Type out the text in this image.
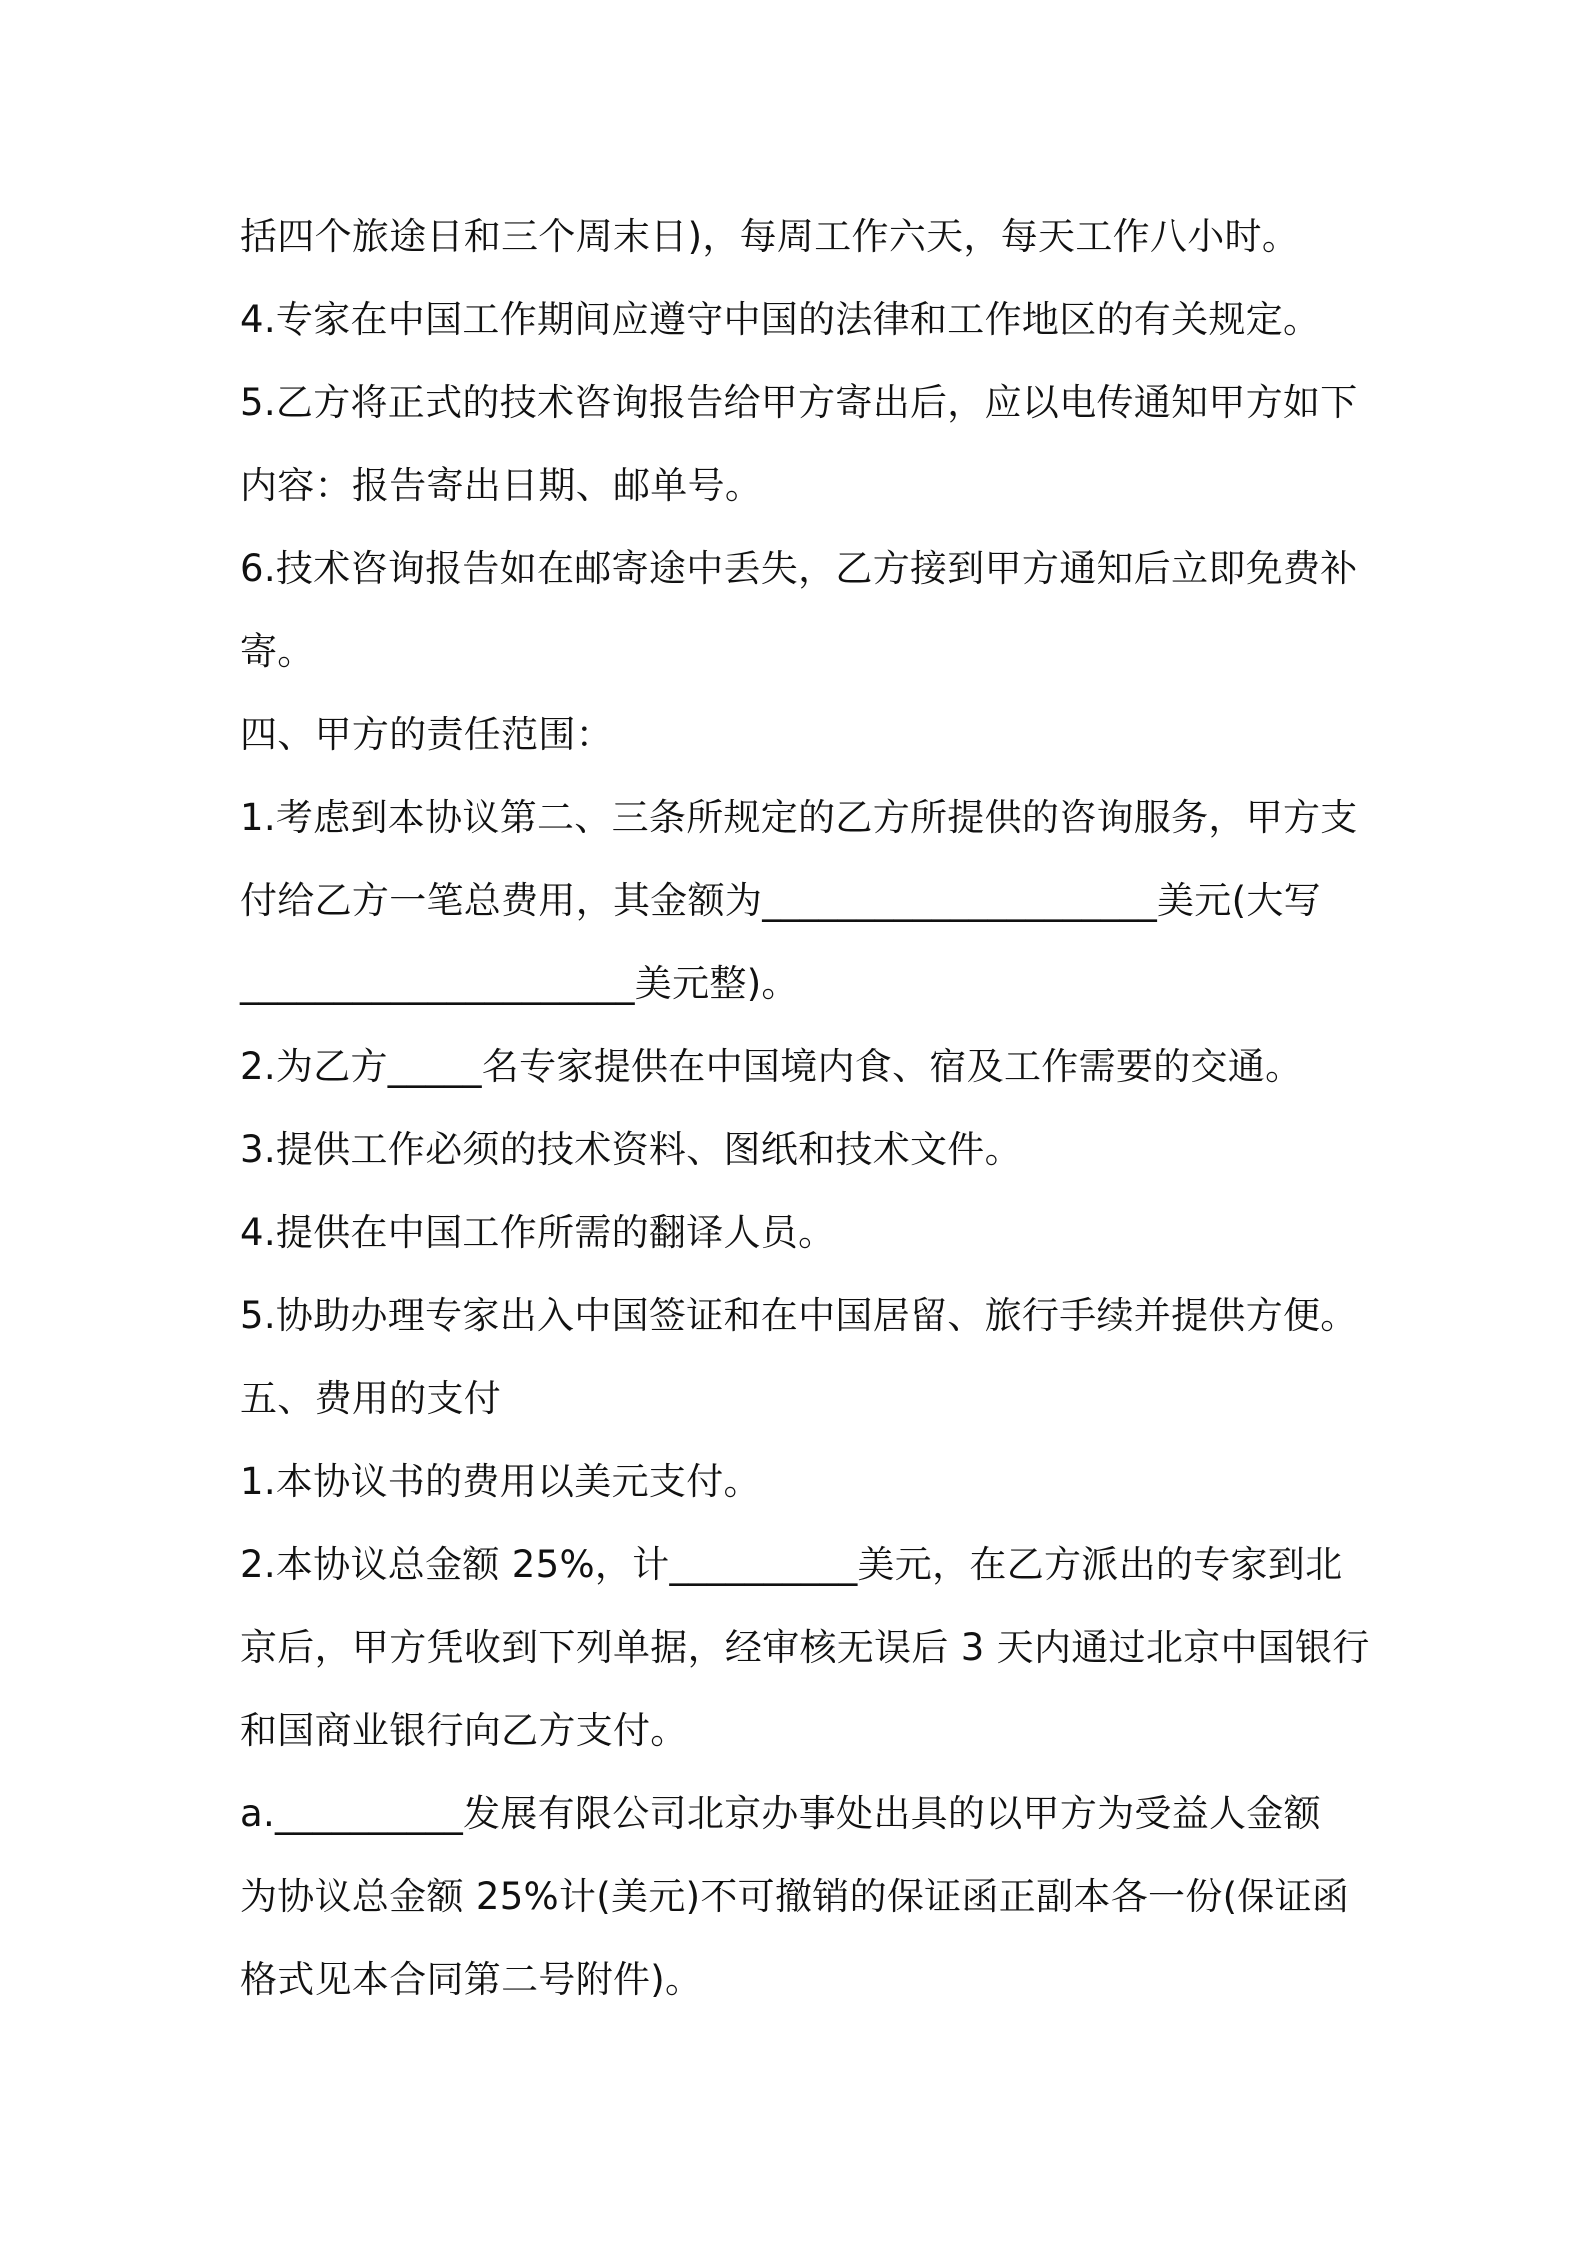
括四个旅途日和三个周末日)，每周工作六天，每天工作八小时。
4.专家在中国工作期间应遵守中国的法律和工作地区的有关规定。
5.乙方将正式的技术咨询报告给甲方寄出后，应以电传通知甲方如下
内容：报告寄出日期、邮单号。
6.技术咨询报告如在邮寄途中丢失，乙方接到甲方通知后立即免费补
寄。
四、甲方的责任范围：
1.考虑到本协议第二、三条所规定的乙方所提供的咨询服务，甲方支
付给乙方一笔总费用，其金额为_____________________美元(大写
_____________________美元整)。
2.为乙方_____名专家提供在中国境内食、宿及工作需要的交通。
3.提供工作必须的技术资料、图纸和技术文件。
4.提供在中国工作所需的翻译人员。
5.协助办理专家出入中国签证和在中国居留、旅行手续并提供方便。
五、费用的支付
1.本协议书的费用以美元支付。
2.本协议总金额 25%，计__________美元，在乙方派出的专家到北
京后，甲方凭收到下列单据，经审核无误后 3 天内通过北京中国银行
和国商业银行向乙方支付。
a.__________发展有限公司北京办事处出具的以甲方为受益人金额
为协议总金额 25%计(美元)不可撤销的保证函正副本各一份(保证函
格式见本合同第二号附件)。
